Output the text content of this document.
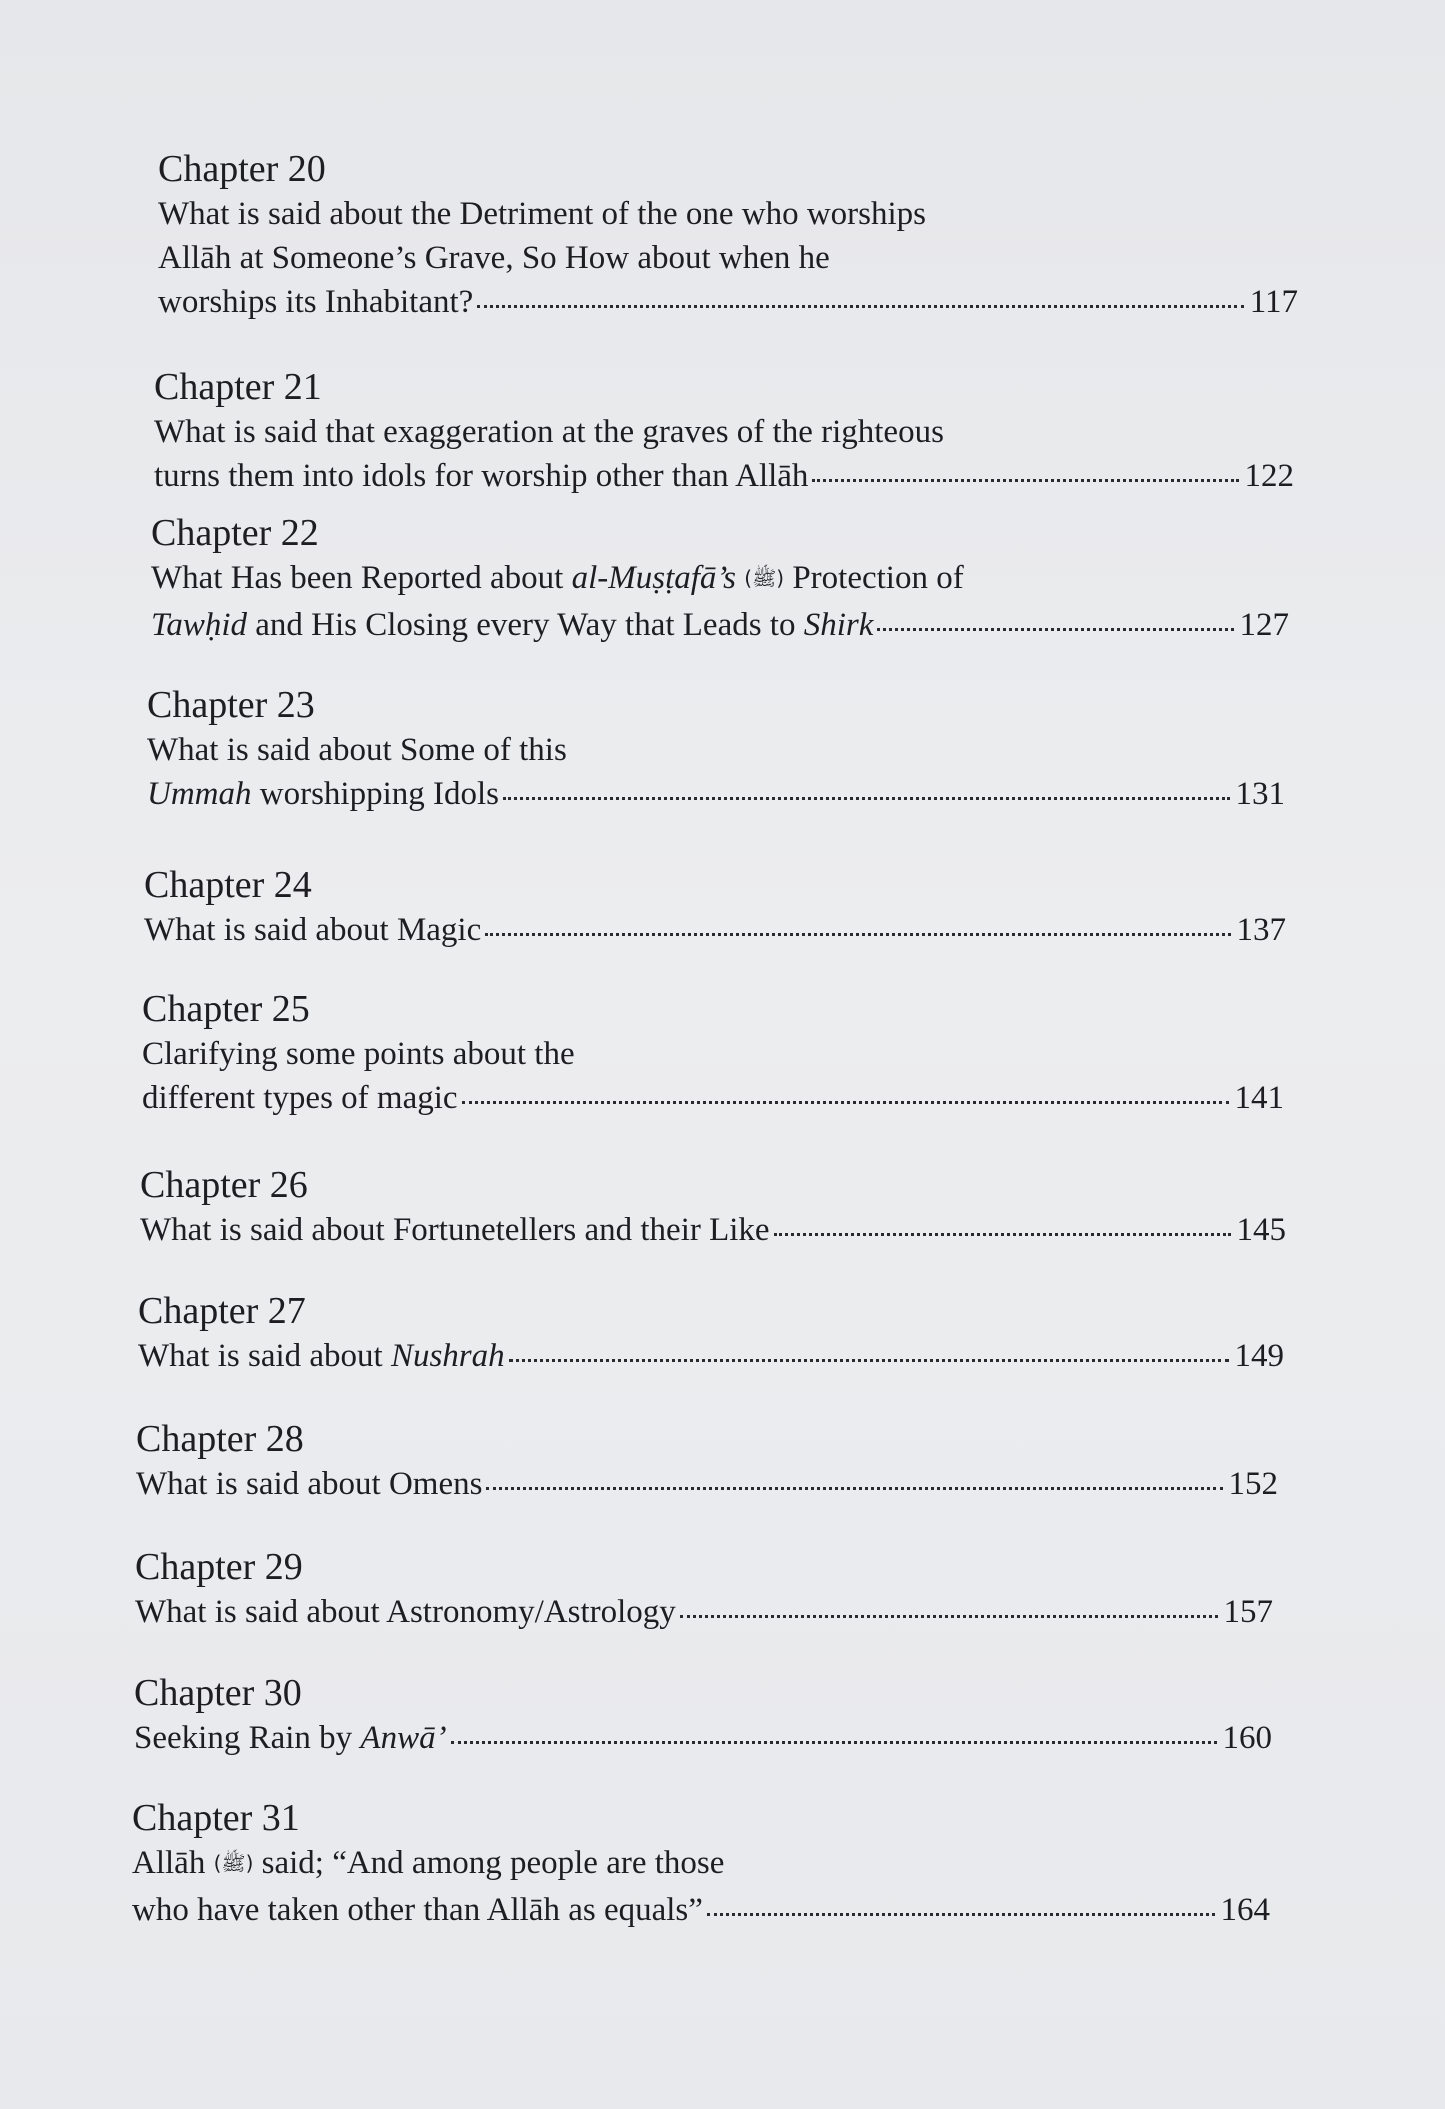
Chapter 20

What is said about the Detriment of the one who worships

Allāh at Someone’s Grave, So How about when he

worships its Inhabitant?	117

Chapter 21

What is said that exaggeration at the graves of the righteous

turns them into idols for worship other than Allāh	122

Chapter 22

What Has been Reported about al-Muṣṭafā’s (ﷺ) Protection of

Tawḥid and His Closing every Way that Leads to Shirk	127

Chapter 23

What is said about Some of this

Ummah worshipping Idols	131

Chapter 24

What is said about Magic	137

Chapter 25

Clarifying some points about the

different types of magic	141

Chapter 26

What is said about Fortunetellers and their Like	145

Chapter 27

What is said about Nushrah	149

Chapter 28

What is said about Omens	152

Chapter 29

What is said about Astronomy/Astrology	157

Chapter 30

Seeking Rain by Anwā’	160

Chapter 31

Allāh (ﷺ) said; “And among people are those

who have taken other than Allāh as equals”	164
